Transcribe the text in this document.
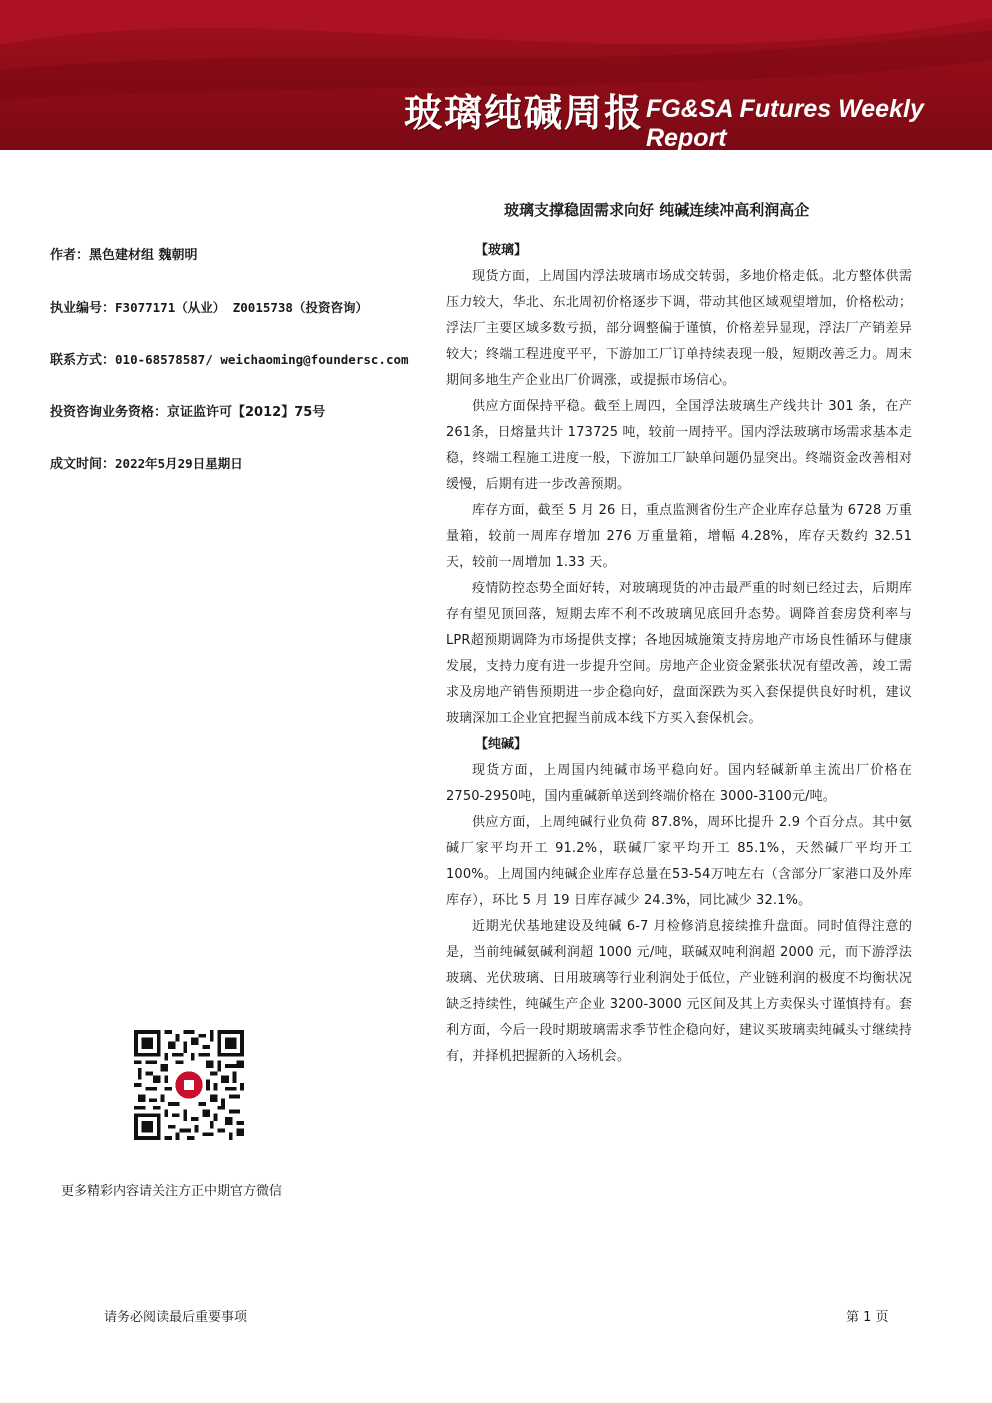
玻璃纯碱周报 FG&SA Futures Weekly Report
玻璃支撑稳固需求向好 纯碱连续冲高利润高企
作者：黑色建材组 魏朝明
执业编号：F3077171（从业） Z0015738（投资咨询）
联系方式：010-68578587/ weichaoming@foundersc.com
投资咨询业务资格：京证监许可【2012】75号
成文时间：2022年5月29日星期日
【玻璃】

现货方面，上周国内浮法玻璃市场成交转弱，多地价格走低。北方整体供需压力较大，华北、东北周初价格逐步下调，带动其他区域观望增加，价格松动；浮法厂主要区域多数亏损，部分调整偏于谨慎，价格差异显现，浮法厂产销差异较大；终端工程进度平平，下游加工厂订单持续表现一般，短期改善乏力。周末期间多地生产企业出厂价调涨，或提振市场信心。

供应方面保持平稳。截至上周四，全国浮法玻璃生产线共计 301 条，在产261条，日熔量共计 173725 吨，较前一周持平。国内浮法玻璃市场需求基本走稳，终端工程施工进度一般，下游加工厂缺单问题仍显突出。终端资金改善相对缓慢，后期有进一步改善预期。

库存方面，截至 5 月 26 日，重点监测省份生产企业库存总量为 6728 万重量箱，较前一周库存增加 276 万重量箱，增幅 4.28%，库存天数约 32.51 天，较前一周增加 1.33 天。

疫情防控态势全面好转，对玻璃现货的冲击最严重的时刻已经过去，后期库存有望见顶回落，短期去库不利不改玻璃见底回升态势。调降首套房贷利率与LPR超预期调降为市场提供支撑；各地因城施策支持房地产市场良性循环与健康发展，支持力度有进一步提升空间。房地产企业资金紧张状况有望改善，竣工需求及房地产销售预期进一步企稳向好，盘面深跌为买入套保提供良好时机，建议玻璃深加工企业宜把握当前成本线下方买入套保机会。

【纯碱】

现货方面，上周国内纯碱市场平稳向好。国内轻碱新单主流出厂价格在2750-2950吨，国内重碱新单送到终端价格在 3000-3100元/吨。

供应方面，上周纯碱行业负荷 87.8%，周环比提升 2.9 个百分点。其中氨碱厂家平均开工 91.2%，联碱厂家平均开工 85.1%，天然碱厂平均开工 100%。上周国内纯碱企业库存总量在53-54万吨左右（含部分厂家港口及外库库存），环比 5 月 19 日库存减少 24.3%，同比减少 32.1%。

近期光伏基地建设及纯碱 6-7 月检修消息接续推升盘面。同时值得注意的是，当前纯碱氨碱利润超 1000 元/吨，联碱双吨利润超 2000 元，而下游浮法玻璃、光伏玻璃、日用玻璃等行业利润处于低位，产业链利润的极度不均衡状况缺乏持续性，纯碱生产企业 3200-3000 元区间及其上方卖保头寸谨慎持有。套利方面，今后一段时期玻璃需求季节性企稳向好，建议买玻璃卖纯碱头寸继续持有，并择机把握新的入场机会。

更多精彩内容请关注方正中期官方微信
请务必阅读最后重要事项	第 1 页
